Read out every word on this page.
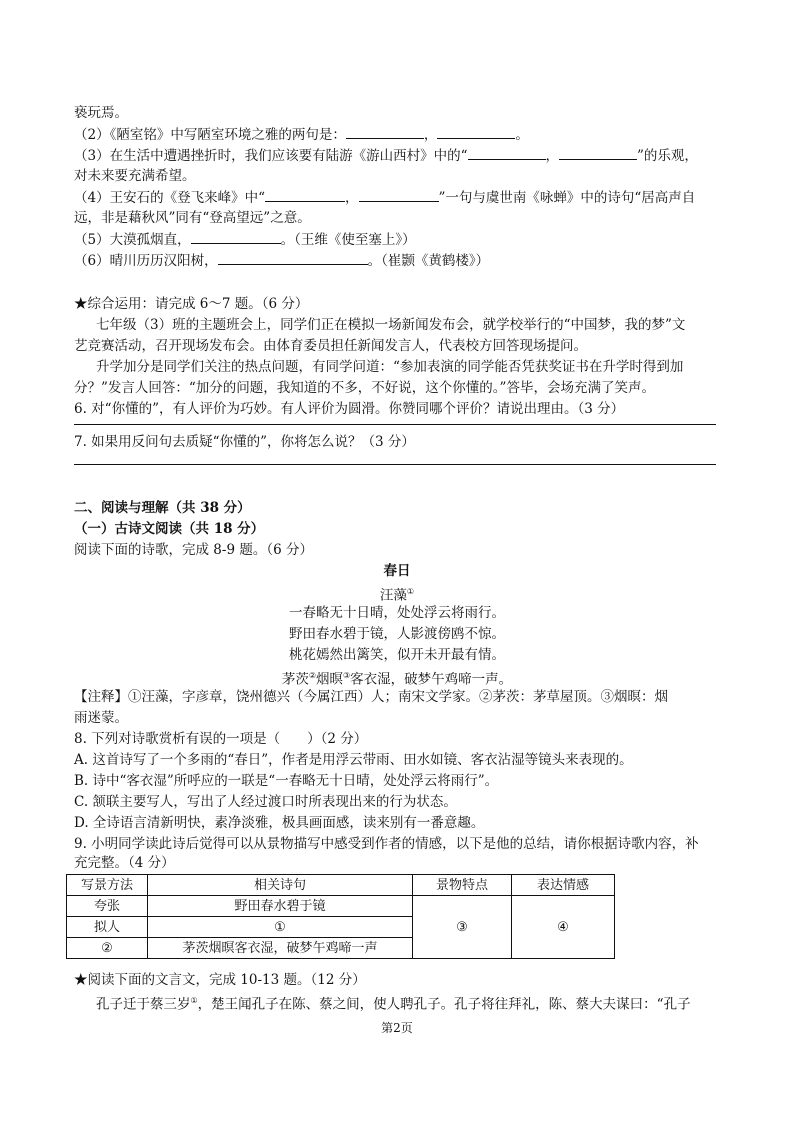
亵玩焉。
（2）《陋室铭》中写陋室环境之雅的两句是：	，	。
（3）在生活中遭遇挫折时，我们应该要有陆游《游山西村》中的“	，	”的乐观，
对未来要充满希望。
（4）王安石的《登飞来峰》中“	，	”一句与虞世南《咏蝉》中的诗句“居高声自
远，非是藉秋风”同有“登高望远”之意。
（5）大漠孤烟直，	。（王维《使至塞上》）
（6）晴川历历汉阳树，	。（崔颢《黄鹤楼》）
★综合运用：请完成 6～7 题。（6 分）
七年级（3）班的主题班会上，同学们正在模拟一场新闻发布会，就学校举行的“中国梦，我的梦”文
艺竞赛活动，召开现场发布会。由体育委员担任新闻发言人，代表校方回答现场提问。
升学加分是同学们关注的热点问题，有同学问道：“参加表演的同学能否凭获奖证书在升学时得到加
分？”发言人回答：“加分的问题，我知道的不多，不好说，这个你懂的。”答毕，会场充满了笑声。
6. 对“你懂的”，有人评价为巧妙。有人评价为圆滑。你赞同哪个评价？请说出理由。（3 分）
7. 如果用反问句去质疑“你懂的”，你将怎么说？（3 分）
二、阅读与理解（共 38 分）
（一）古诗文阅读（共 18 分）
阅读下面的诗歌，完成 8-9 题。（6 分）
春日
汪藻①
一春略无十日晴，处处浮云将雨行。
野田春水碧于镜，人影渡傍鸥不惊。
桃花嫣然出篱笑，似开未开最有情。
茅茨②烟暝③客衣湿，破梦午鸡啼一声。
【注释】①汪藻，字彦章，饶州德兴（今属江西）人；南宋文学家。②茅茨：茅草屋顶。③烟暝：烟
雨迷蒙。
8. 下列对诗歌赏析有误的一项是（　　）（2 分）
A. 这首诗写了一个多雨的“春日”，作者是用浮云带雨、田水如镜、客衣沾湿等镜头来表现的。
B. 诗中“客衣湿”所呼应的一联是“一春略无十日晴，处处浮云将雨行”。
C. 颔联主要写人，写出了人经过渡口时所表现出来的行为状态。
D. 全诗语言清新明快，素净淡雅，极具画面感，读来别有一番意趣。
9. 小明同学读此诗后觉得可以从景物描写中感受到作者的情感，以下是他的总结，请你根据诗歌内容，补
充完整。（4 分）
写景方法	相关诗句	景物特点	表达情感
夸张	野田春水碧于镜	③	④
拟人	①		
②	茅茨烟暝客衣湿，破梦午鸡啼一声		
★阅读下面的文言文，完成 10-13 题。（12 分）
孔子迁于蔡三岁①，楚王闻孔子在陈、蔡之间，使人聘孔子。孔子将往拜礼，陈、蔡大夫谋曰：“孔子
第2页
